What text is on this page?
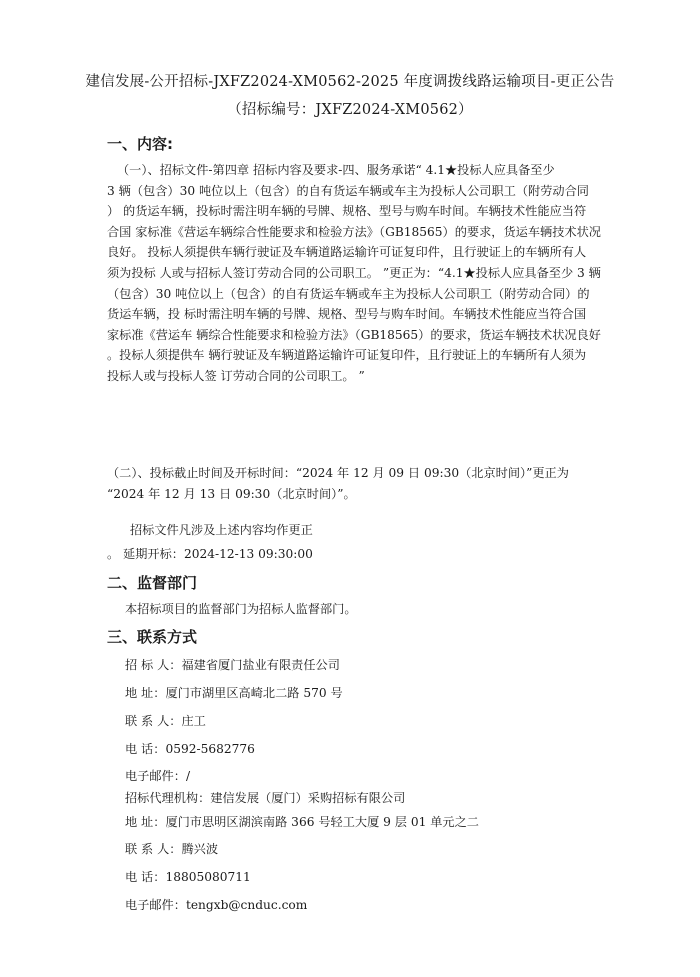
建信发展-公开招标-JXFZ2024-XM0562-2025 年度调拨线路运输项目-更正公告
（招标编号：JXFZ2024-XM0562）
一、内容:
（一）、招标文件-第四章 招标内容及要求-四、服务承诺“ 4.1★投标人应具备至少
3 辆（包含）30 吨位以上（包含）的自有货运车辆或车主为投标人公司职工（附劳动合同
） 的货运车辆，投标时需注明车辆的号牌、规格、型号与购车时间。车辆技术性能应当符
合国 家标准《营运车辆综合性能要求和检验方法》（GB18565）的要求，货运车辆技术状况
良好。 投标人须提供车辆行驶证及车辆道路运输许可证复印件，且行驶证上的车辆所有人
须为投标 人或与招标人签订劳动合同的公司职工。 ”更正为：“4.1★投标人应具备至少 3 辆
（包含）30 吨位以上（包含）的自有货运车辆或车主为投标人公司职工（附劳动合同）的
货运车辆，投 标时需注明车辆的号牌、规格、型号与购车时间。车辆技术性能应当符合国
家标准《营运车 辆综合性能要求和检验方法》（GB18565）的要求，货运车辆技术状况良好
。投标人须提供车 辆行驶证及车辆道路运输许可证复印件，且行驶证上的车辆所有人须为
投标人或与投标人签 订劳动合同的公司职工。 ”
（二）、投标截止时间及开标时间：“2024 年 12 月 09 日 09:30（北京时间）”更正为
“2024 年 12 月 13 日 09:30（北京时间）”。
招标文件凡涉及上述内容均作更正
。 延期开标：2024-12-13 09:30:00
二、监督部门
本招标项目的监督部门为招标人监督部门。
三、联系方式
招 标 人：福建省厦门盐业有限责任公司
地 址：厦门市湖里区高崎北二路 570 号
联 系 人：庄工
电 话：0592-5682776
电子邮件：/
招标代理机构：建信发展（厦门）采购招标有限公司
地 址：厦门市思明区湖滨南路 366 号轻工大厦 9 层 01 单元之二
联 系 人：腾兴波
电 话：18805080711
电子邮件：tengxb@cnduc.com
